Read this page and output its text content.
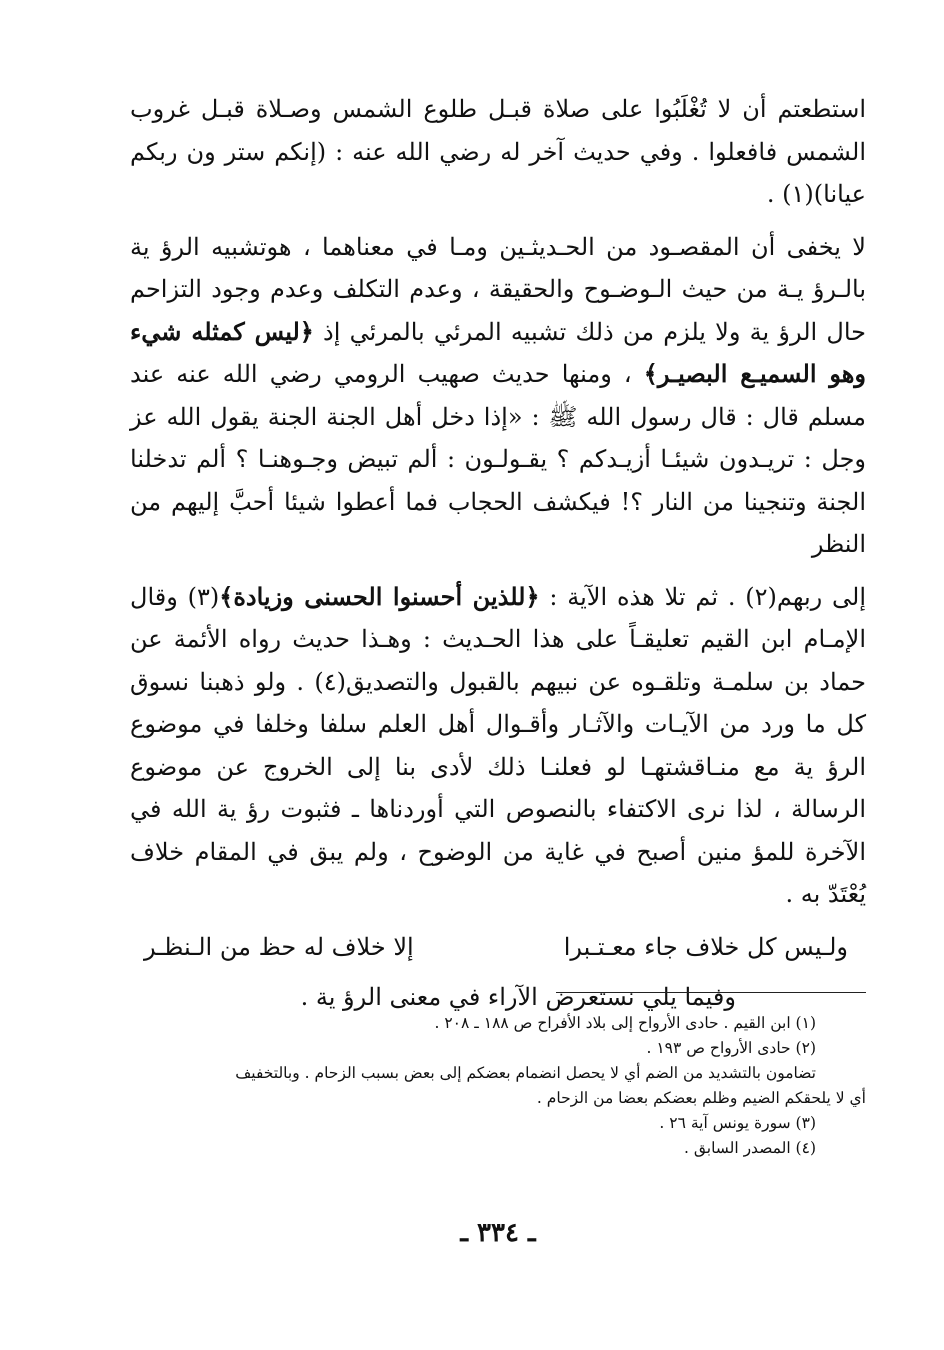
استطعتم أن لا تُغْلَبُوا على صلاة قبـل طلوع الشمس وصـلاة قبـل غروب الشمس فافعلوا . وفي حديث آخر له رضي الله عنه : (إنكم ستر ون ربكم عيانا)(١) .

لا يخفى أن المقصـود من الحـديثـين ومـا في معناهما ، هوتشبيه الرؤ ية بالـرؤ يـة من حيث الـوضـوح والحقيقة ، وعدم التكلف وعدم وجود التزاحم حال الرؤ ية ولا يلزم من ذلك تشبيه المرئي بالمرئي إذ ﴿ليس كمثله شيء وهو السميـع البصيـر﴾ ، ومنها حديث صهيب الرومي رضي الله عنه عند مسلم قال : قال رسول الله ﷺ : «إذا دخل أهل الجنة الجنة يقول الله عز وجل : تريـدون شيئـا أزيـدكم ؟ يقـولـون : ألم تبيض وجـوهنـا ؟ ألم تدخلنا الجنة وتنجينا من النار ؟! فيكشف الحجاب فما أعطوا شيئا أحبَّ إليهم من النظر

إلى ربهم(٢) . ثم تلا هذه الآية : ﴿للذين أحسنوا الحسنى وزيادة﴾(٣) وقال الإمـام ابن القيم تعليقـاً على هذا الحـديث : وهـذا حديث رواه الأئمة عن حماد بن سلمـة وتلقـوه عن نبيهم بالقبول والتصديق(٤) . ولو ذهبنا نسوق كل ما ورد من الآيـات والآثـار وأقـوال أهل العلم سلفا وخلفا في موضوع الرؤ ية مع منـاقشتهـا لو فعلنـا ذلك لأدى بنا إلى الخروج عن موضوع الرسالة ، لذا نرى الاكتفاء بالنصوص التي أوردناها ـ فثبوت رؤ ية الله في الآخرة للمؤ منين أصبح في غاية من الوضوح ، ولم يبق في المقام خلاف يُعْتَدّ به .

ولـيس كل خلاف جاء معـتـبرا
إلا خلاف له حظ من الـنظـر

وفيما يلي نستعرض الآراء في معنى الرؤ ية .

(١) ابن القيم . حادى الأرواح إلى بلاد الأفراح ص ١٨٨ ـ ٢٠٨ .
(٢) حادى الأرواح ص ١٩٣ .
تضامون بالتشديد من الضم أي لا يحصل انضمام بعضكم إلى بعض بسبب الزحام . وبالتخفيف
أي لا يلحقكم الضيم وظلم بعضكم بعضا من الزحام .
(٣) سورة يونس آية ٢٦ .
(٤) المصدر السابق .
ـ ٣٣٤ ـ
